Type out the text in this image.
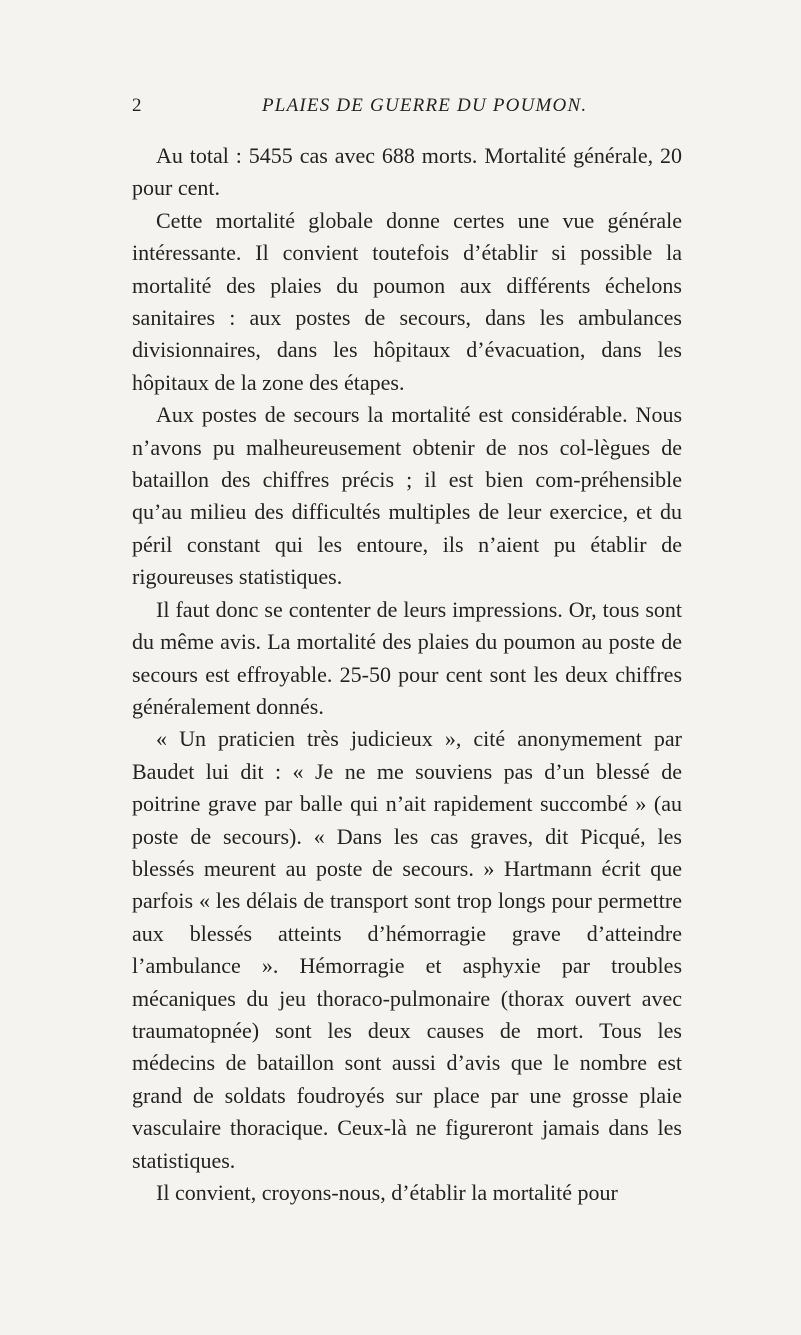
2	PLAIES DE GUERRE DU POUMON.

Au total : 5455 cas avec 688 morts. Mortalité générale, 20 pour cent.

Cette mortalité globale donne certes une vue générale intéressante. Il convient toutefois d’établir si possible la mortalité des plaies du poumon aux différents échelons sanitaires : aux postes de secours, dans les ambulances divisionnaires, dans les hôpitaux d’évacuation, dans les hôpitaux de la zone des étapes.

Aux postes de secours la mortalité est considérable. Nous n’avons pu malheureusement obtenir de nos col-lègues de bataillon des chiffres précis ; il est bien com-préhensible qu’au milieu des difficultés multiples de leur exercice, et du péril constant qui les entoure, ils n’aient pu établir de rigoureuses statistiques.

Il faut donc se contenter de leurs impressions. Or, tous sont du même avis. La mortalité des plaies du poumon au poste de secours est effroyable. 25-50 pour cent sont les deux chiffres généralement donnés.

« Un praticien très judicieux », cité anonymement par Baudet lui dit : « Je ne me souviens pas d’un blessé de poitrine grave par balle qui n’ait rapidement succombé » (au poste de secours). « Dans les cas graves, dit Picqué, les blessés meurent au poste de secours. » Hartmann écrit que parfois « les délais de transport sont trop longs pour permettre aux blessés atteints d’hémorragie grave d’atteindre l’ambulance ». Hémorragie et asphyxie par troubles mécaniques du jeu thoraco-pulmonaire (thorax ouvert avec traumatopnée) sont les deux causes de mort. Tous les médecins de bataillon sont aussi d’avis que le nombre est grand de soldats foudroyés sur place par une grosse plaie vasculaire thoracique. Ceux-là ne figureront jamais dans les statistiques.

Il convient, croyons-nous, d’établir la mortalité pour
